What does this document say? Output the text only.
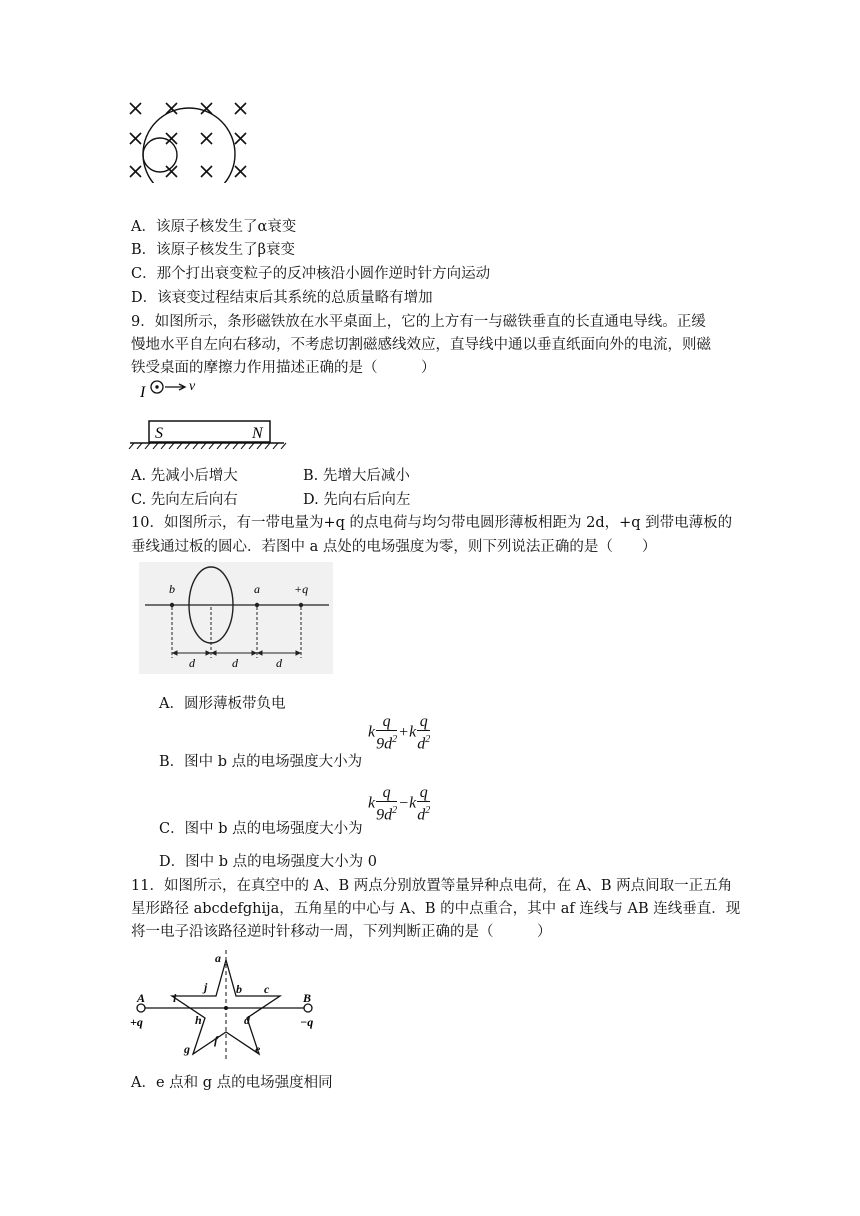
A．该原子核发生了α衰变
B．该原子核发生了β衰变
C．那个打出衰变粒子的反冲核沿小圆作逆时针方向运动
D．该衰变过程结束后其系统的总质量略有增加
9．如图所示，条形磁铁放在水平桌面上，它的上方有一与磁铁垂直的长直通电导线。正缓
慢地水平自左向右移动，不考虑切割磁感线效应，直导线中通以垂直纸面向外的电流，则磁
铁受桌面的摩擦力作用描述正确的是（　　　）
I	v
S	N
A. 先减小后增大	B. 先增大后减小
C. 先向左后向右	D. 先向右后向左
10．如图所示，有一带电量为+q 的点电荷与均匀带电圆形薄板相距为 2d，+q 到带电薄板的
垂线通过板的圆心．若图中 a 点处的电场强度为零，则下列说法正确的是（　　）
b	a	+q
d	d	d
A．圆形薄板带负电
k $\frac{q}{9d^2} +k \frac{q}{d^2}$
B．图中 b 点的电场强度大小为
k $\frac{q}{9d^2} -k \frac{q}{d^2}$
C．图中 b 点的电场强度大小为
D．图中 b 点的电场强度大小为 0
11．如图所示，在真空中的 A、B 两点分别放置等量异种点电荷，在 A、B 两点间取一正五角
星形路径 abcdefghija，五角星的中心与 A、B 的中点重合，其中 af 连线与 AB 连线垂直．现
将一电子沿该路径逆时针移动一周，下列判断正确的是（　　　）
A
+q
B
−q
a
b c
d
e
f
g
h
i
j
A．e 点和 g 点的电场强度相同
